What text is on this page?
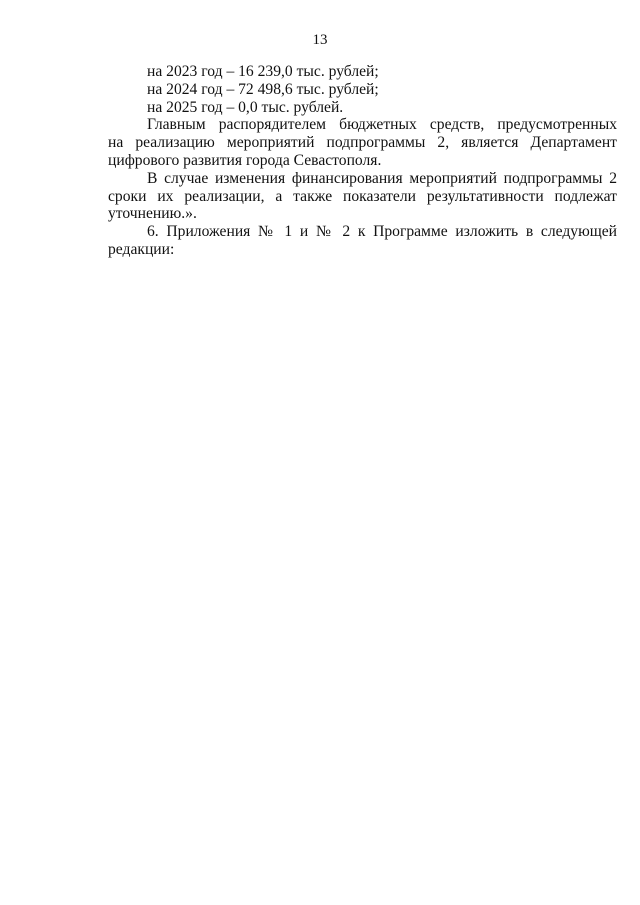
13
на 2023 год – 16 239,0 тыс. рублей;
на 2024 год – 72 498,6 тыс. рублей;
на 2025 год – 0,0 тыс. рублей.
Главным распорядителем бюджетных средств, предусмотренных
на реализацию мероприятий подпрограммы 2, является Департамент
цифрового развития города Севастополя.
В случае изменения финансирования мероприятий подпрограммы 2
сроки их реализации, а также показатели результативности подлежат
уточнению.».
6. Приложения № 1 и № 2 к Программе изложить в следующей
редакции:
